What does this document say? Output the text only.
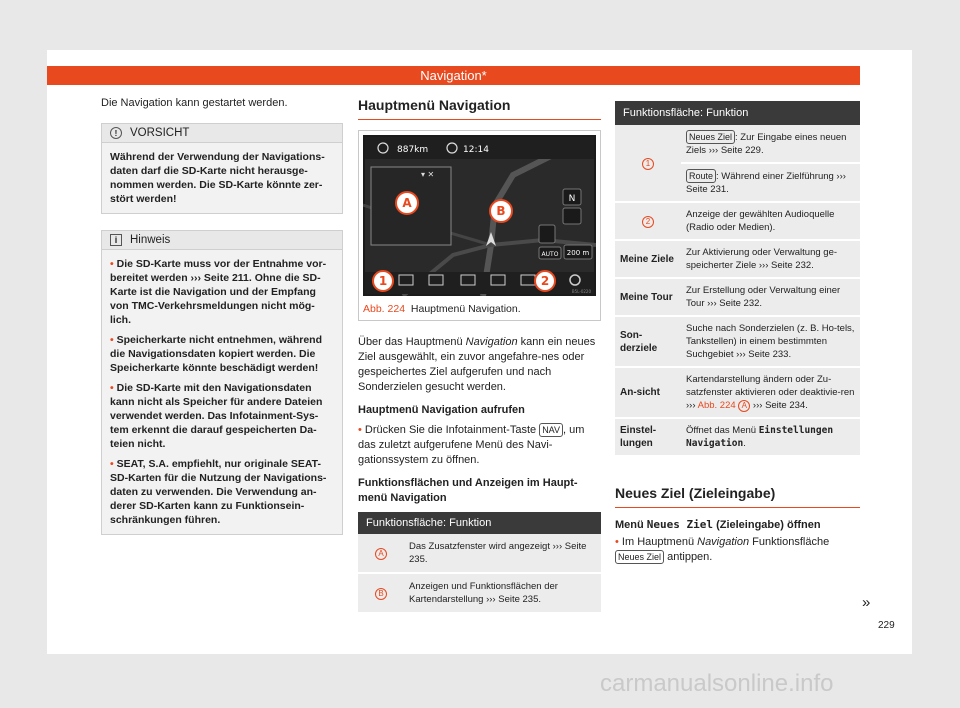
Navigation*
Die Navigation kann gestartet werden.
!	VORSICHT
Während der Verwendung der Navigations-daten darf die SD-Karte nicht herausge-nommen werden. Die SD-Karte könnte zer-stört werden!
i	Hinweis

• Die SD-Karte muss vor der Entnahme vor-bereitet werden ››› Seite 211. Ohne die SD-Karte ist die Navigation und der Empfang von TMC-Verkehrsmeldungen nicht mög-lich.

• Speicherkarte nicht entnehmen, während die Navigationsdaten kopiert werden. Die Speicherkarte könnte beschädigt werden!

• Die SD-Karte mit den Navigationsdaten kann nicht als Speicher für andere Dateien verwendet werden. Das Infotainment-Sys-tem erkennt die darauf gespeicherten Da-teien nicht.

• SEAT, S.A. empfiehlt, nur originale SEAT-SD-Karten für die Nutzung der Navigations-daten zu verwenden. Die Verwendung an-derer SD-Karten kann zu Funktionsein-schränkungen führen.

Hauptmenü Navigation
887km	12:14
▾ ✕
A
B
N
AUTO 200 m
1	2
B5L-0220
Abb. 224 Hauptmenü Navigation.
Über das Hauptmenü Navigation kann ein neues Ziel ausgewählt, ein zuvor angefahre-nes oder gespeichertes Ziel aufgerufen und nach Sonderzielen gesucht werden.
Hauptmenü Navigation aufrufen
• Drücken Sie die Infotainment-Taste NAV , um das zuletzt aufgerufene Menü des Navi-gationssystem zu öffnen.
Funktionsflächen und Anzeigen im Haupt-menü Navigation
Funktionsfläche: Funktion	
A	Das Zusatzfenster wird angezeigt ››› Seite 235.
B	Anzeigen und Funktionsflächen der Kartendarstellung ››› Seite 235.
Funktionsfläche: Funktion	
1	Neues Ziel : Zur Eingabe eines neuen Ziels ››› Seite 229.
	Route : Während einer Zielführung ››› Seite 231.
2	Anzeige der gewählten Audioquelle (Radio oder Medien).
Meine Ziele	Zur Aktivierung oder Verwaltung ge-speicherter Ziele ››› Seite 232.
Meine Tour	Zur Erstellung oder Verwaltung einer Tour ››› Seite 232.
Son-derziele	Suche nach Sonderzielen (z. B. Ho-tels, Tankstellen) in einem bestimmten Suchgebiet ››› Seite 233.
An-sicht	Kartendarstellung ändern oder Zu-satzfenster aktivieren oder deaktivie-ren ››› Abb. 224 A ››› Seite 234.
Einstel-lungen	Öffnet das Menü Einstellungen Navigation.
Neues Ziel (Zieleingabe)
Menü Neues Ziel (Zieleingabe) öffnen
• Im Hauptmenü Navigation Funktionsfläche Neues Ziel antippen.
»
229
carmanualsonline.info
